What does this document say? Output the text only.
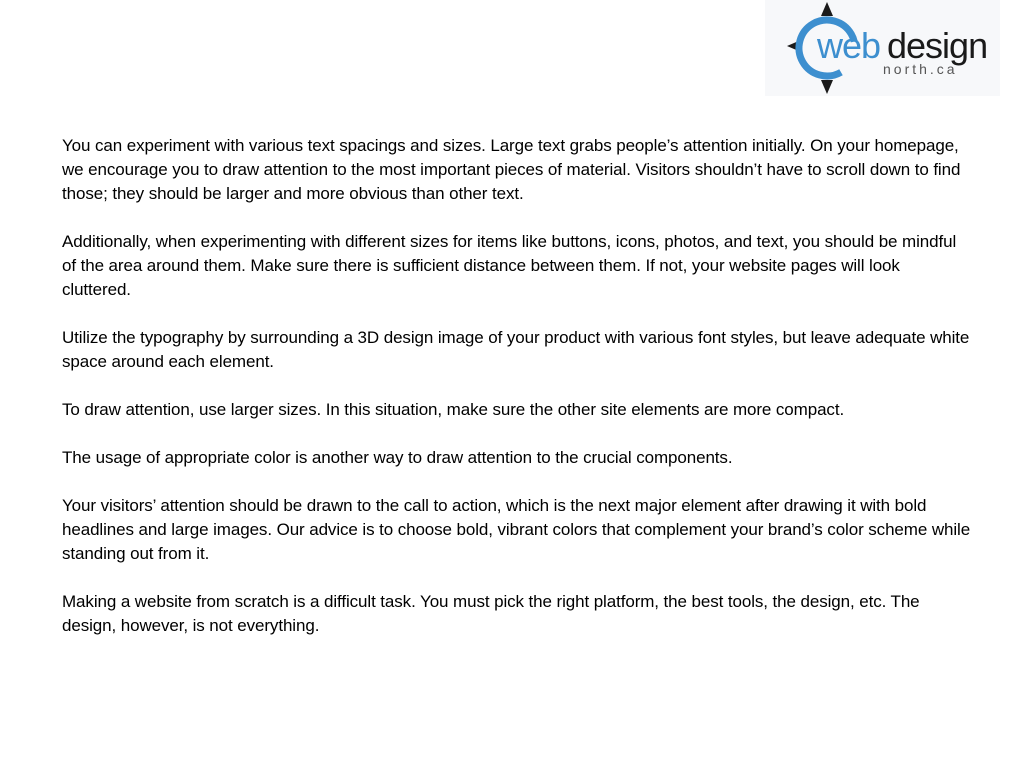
web design
north.ca

You can experiment with various text spacings and sizes. Large text grabs people’s attention initially. On your homepage, we encourage you to draw attention to the most important pieces of material. Visitors shouldn’t have to scroll down to find those; they should be larger and more obvious than other text.

Additionally, when experimenting with different sizes for items like buttons, icons, photos, and text, you should be mindful of the area around them. Make sure there is sufficient distance between them. If not, your website pages will look cluttered.

Utilize the typography by surrounding a 3D design image of your product with various font styles, but leave adequate white space around each element.

To draw attention, use larger sizes. In this situation, make sure the other site elements are more compact.

The usage of appropriate color is another way to draw attention to the crucial components.

Your visitors’ attention should be drawn to the call to action, which is the next major element after drawing it with bold headlines and large images. Our advice is to choose bold, vibrant colors that complement your brand’s color scheme while standing out from it.

Making a website from scratch is a difficult task. You must pick the right platform, the best tools, the design, etc. The design, however, is not everything.
